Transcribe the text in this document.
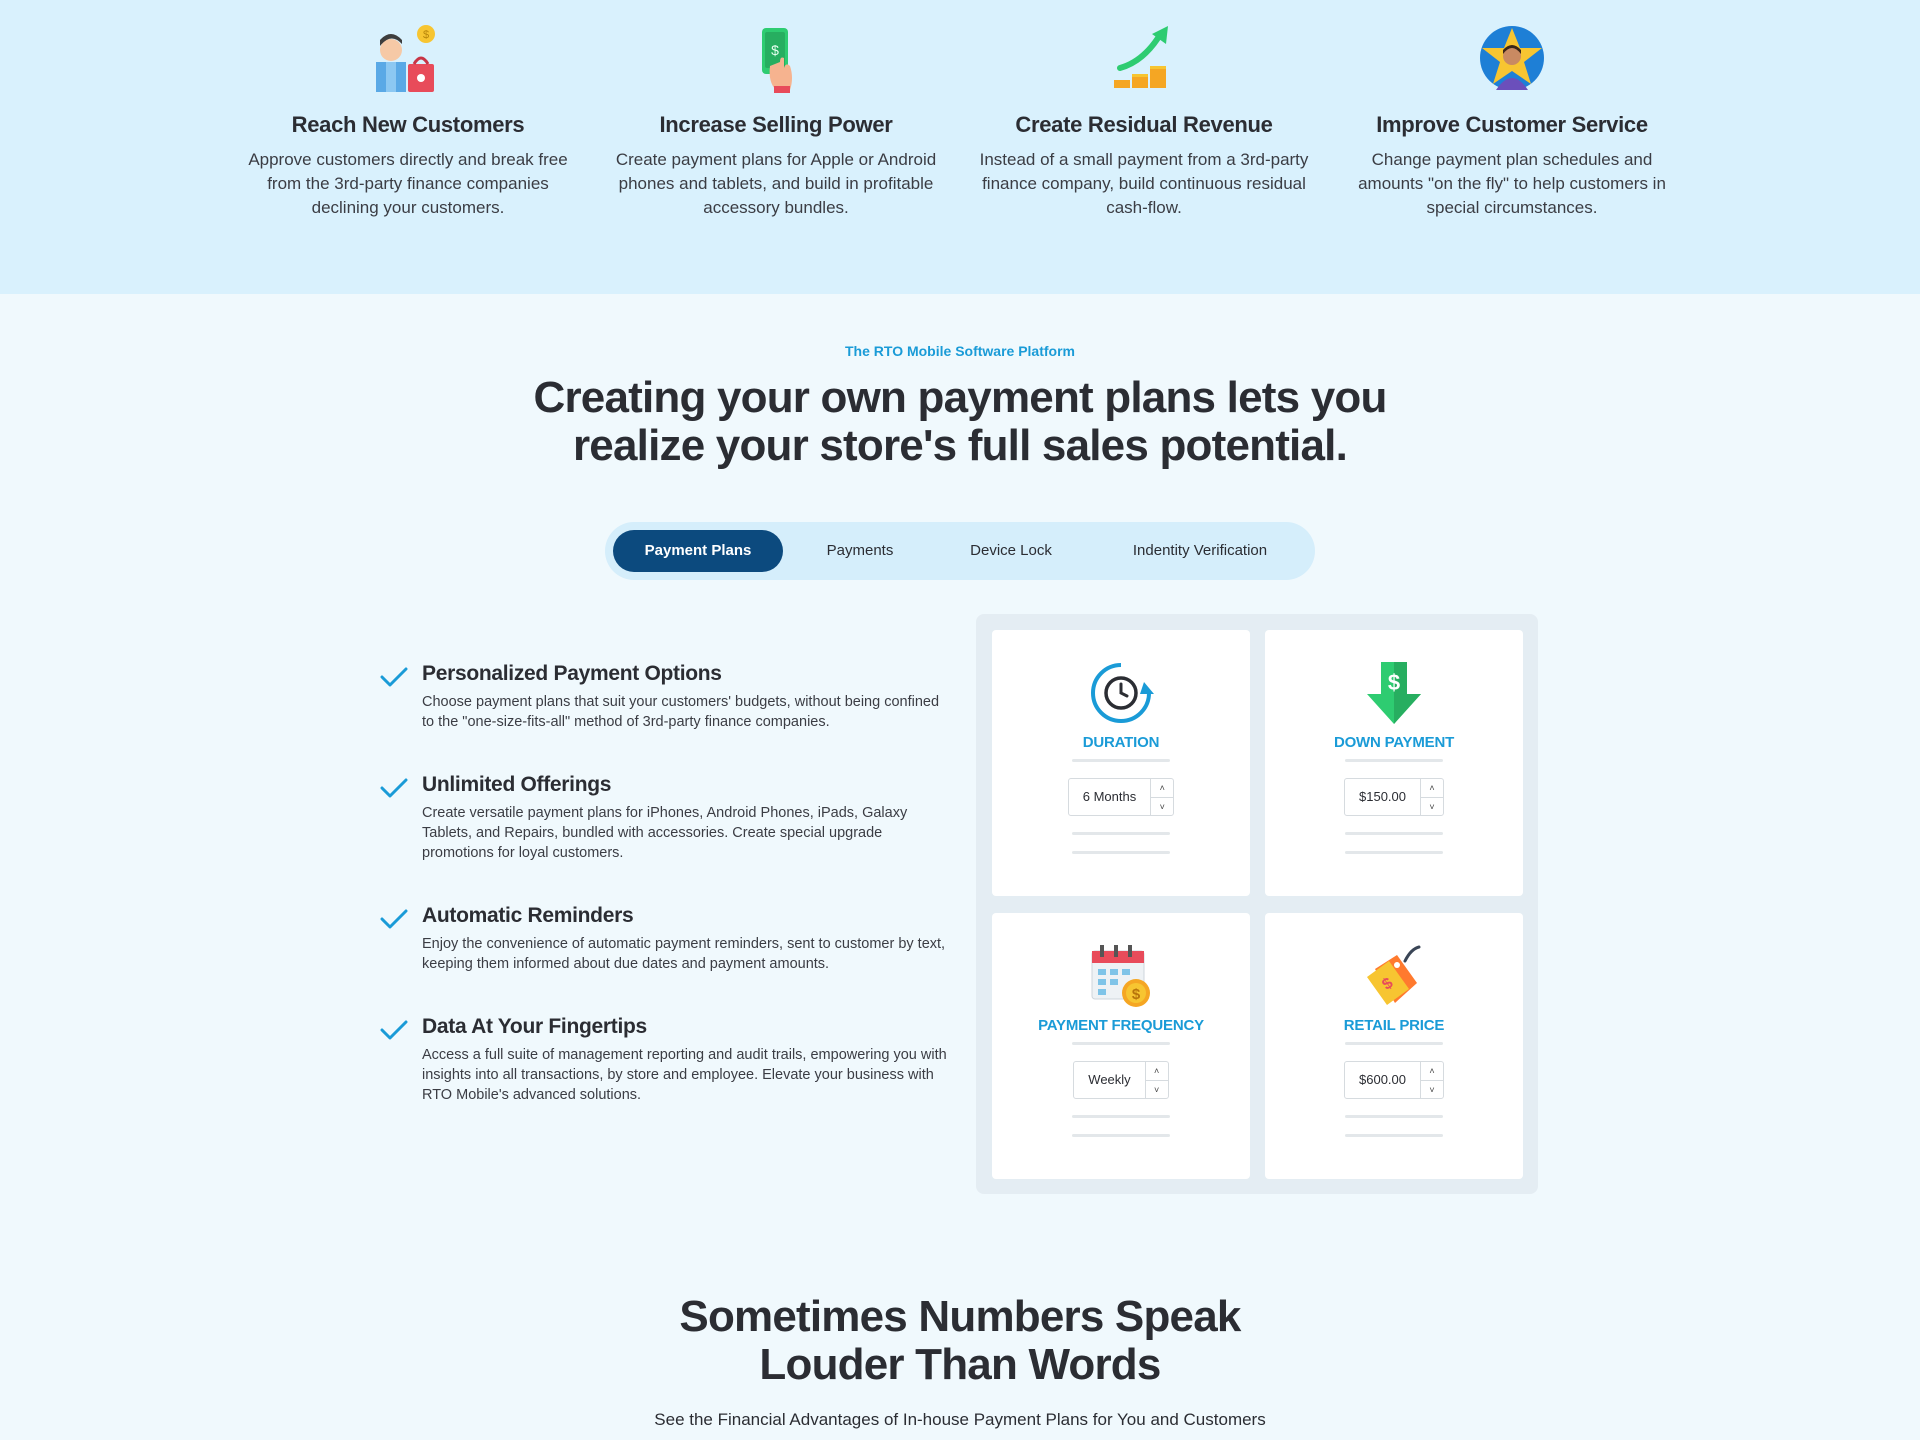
$
Reach New Customers

Approve customers directly and break free from the 3rd-party finance companies declining your customers.

$
Increase Selling Power

Create payment plans for Apple or Android phones and tablets, and build in profitable accessory bundles.

Create Residual Revenue

Instead of a small payment from a 3rd-party finance company, build continuous residual cash-flow.

Improve Customer Service

Change payment plan schedules and amounts "on the fly" to help customers in special circumstances.

The RTO Mobile Software Platform
Creating your own payment plans lets you
realize your store's full sales potential.
Payment Plans	Payments	Device Lock	Indentity Verification
Personalized Payment Options

Choose payment plans that suit your customers' budgets, without being confined to the "one-size-fits-all" method of 3rd-party finance companies.

Unlimited Offerings

Create versatile payment plans for iPhones, Android Phones, iPads, Galaxy Tablets, and Repairs, bundled with accessories. Create special upgrade promotions for loyal customers.

Automatic Reminders

Enjoy the convenience of automatic payment reminders, sent to customer by text, keeping them informed about due dates and payment amounts.

Data At Your Fingertips

Access a full suite of management reporting and audit trails, empowering you with insights into all transactions, by store and employee. Elevate your business with RTO Mobile's advanced solutions.

DURATION
6 Months
˄
˅
$
DOWN PAYMENT
$150.00
˄
˅
$
PAYMENT FREQUENCY
Weekly
˄
˅
$
RETAIL PRICE
$600.00
˄
˅
Sometimes Numbers Speak
Louder Than Words
See the Financial Advantages of In-house Payment Plans for You and Customers
